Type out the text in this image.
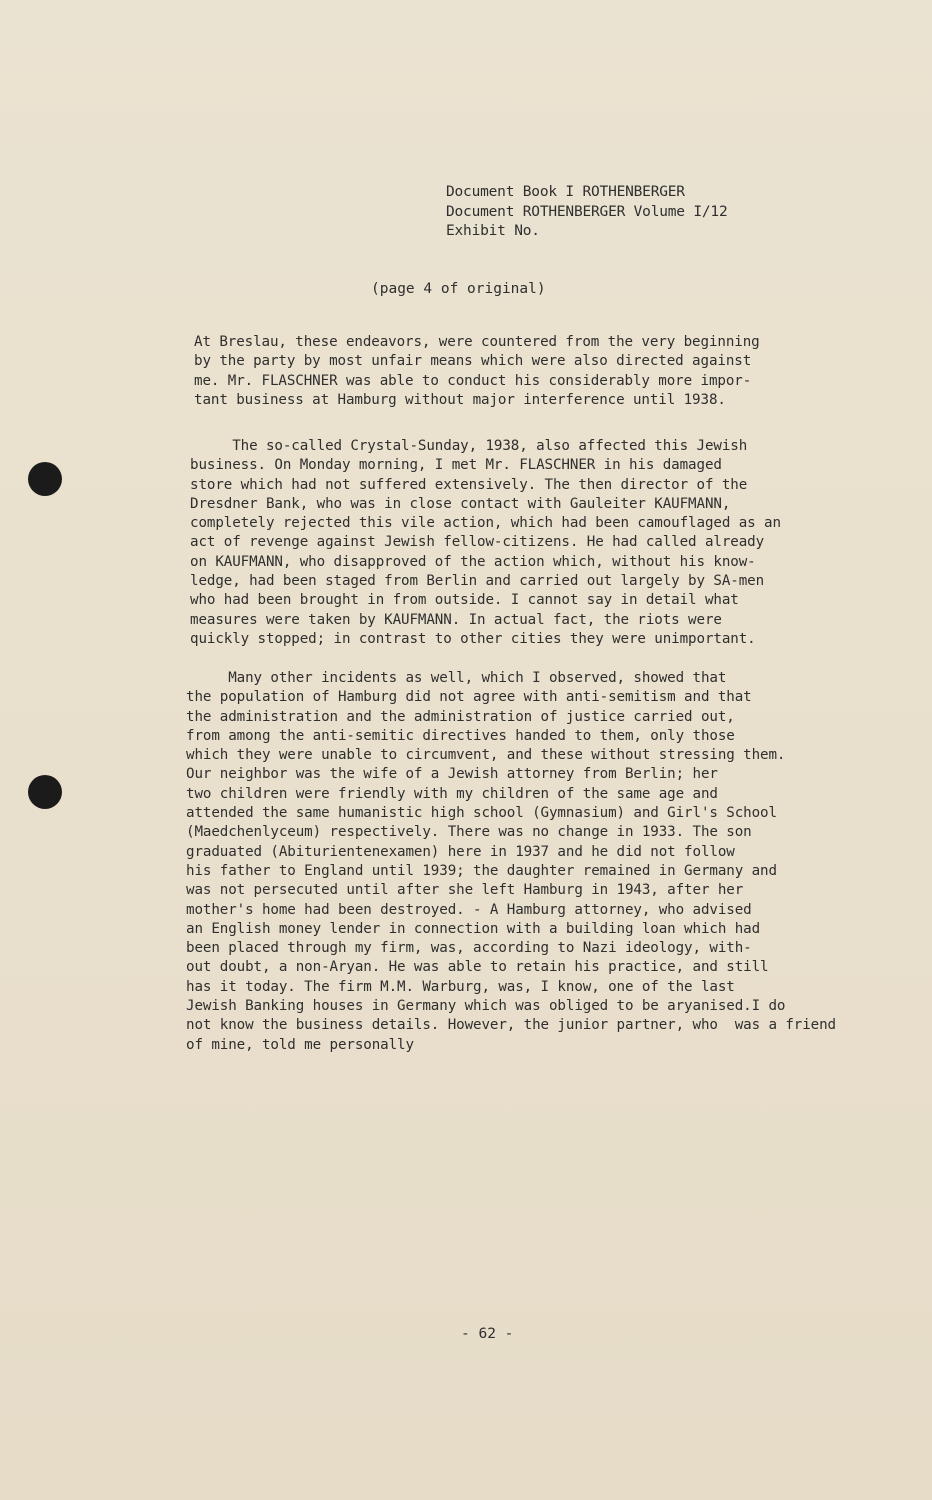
Document Book I ROTHENBERGER
Document ROTHENBERGER Volume I/12
Exhibit No.
(page 4 of original)
At Breslau, these endeavors, were countered from the very beginning
by the party by most unfair means which were also directed against
me. Mr. FLASCHNER was able to conduct his considerably more impor-
tant business at Hamburg without major interference until 1938.
The so-called Crystal-Sunday, 1938, also affected this Jewish
business. On Monday morning, I met Mr. FLASCHNER in his damaged
store which had not suffered extensively. The then director of the
Dresdner Bank, who was in close contact with Gauleiter KAUFMANN,
completely rejected this vile action, which had been camouflaged as an
act of revenge against Jewish fellow-citizens. He had called already
on KAUFMANN, who disapproved of the action which, without his know-
ledge, had been staged from Berlin and carried out largely by SA-men
who had been brought in from outside. I cannot say in detail what
measures were taken by KAUFMANN. In actual fact, the riots were
quickly stopped; in contrast to other cities they were unimportant.
Many other incidents as well, which I observed, showed that
the population of Hamburg did not agree with anti-semitism and that
the administration and the administration of justice carried out,
from among the anti-semitic directives handed to them, only those
which they were unable to circumvent, and these without stressing them.
Our neighbor was the wife of a Jewish attorney from Berlin; her
two children were friendly with my children of the same age and
attended the same humanistic high school (Gymnasium) and Girl's School
(Maedchenlyceum) respectively. There was no change in 1933. The son
graduated (Abiturientenexamen) here in 1937 and he did not follow
his father to England until 1939; the daughter remained in Germany and
was not persecuted until after she left Hamburg in 1943, after her
mother's home had been destroyed. - A Hamburg attorney, who advised
an English money lender in connection with a building loan which had
been placed through my firm, was, according to Nazi ideology, with-
out doubt, a non-Aryan. He was able to retain his practice, and still
has it today. The firm M.M. Warburg, was, I know, one of the last
Jewish Banking houses in Germany which was obliged to be aryanised.I do
not know the business details. However, the junior partner, who  was a friend
of mine, told me personally
- 62 -
